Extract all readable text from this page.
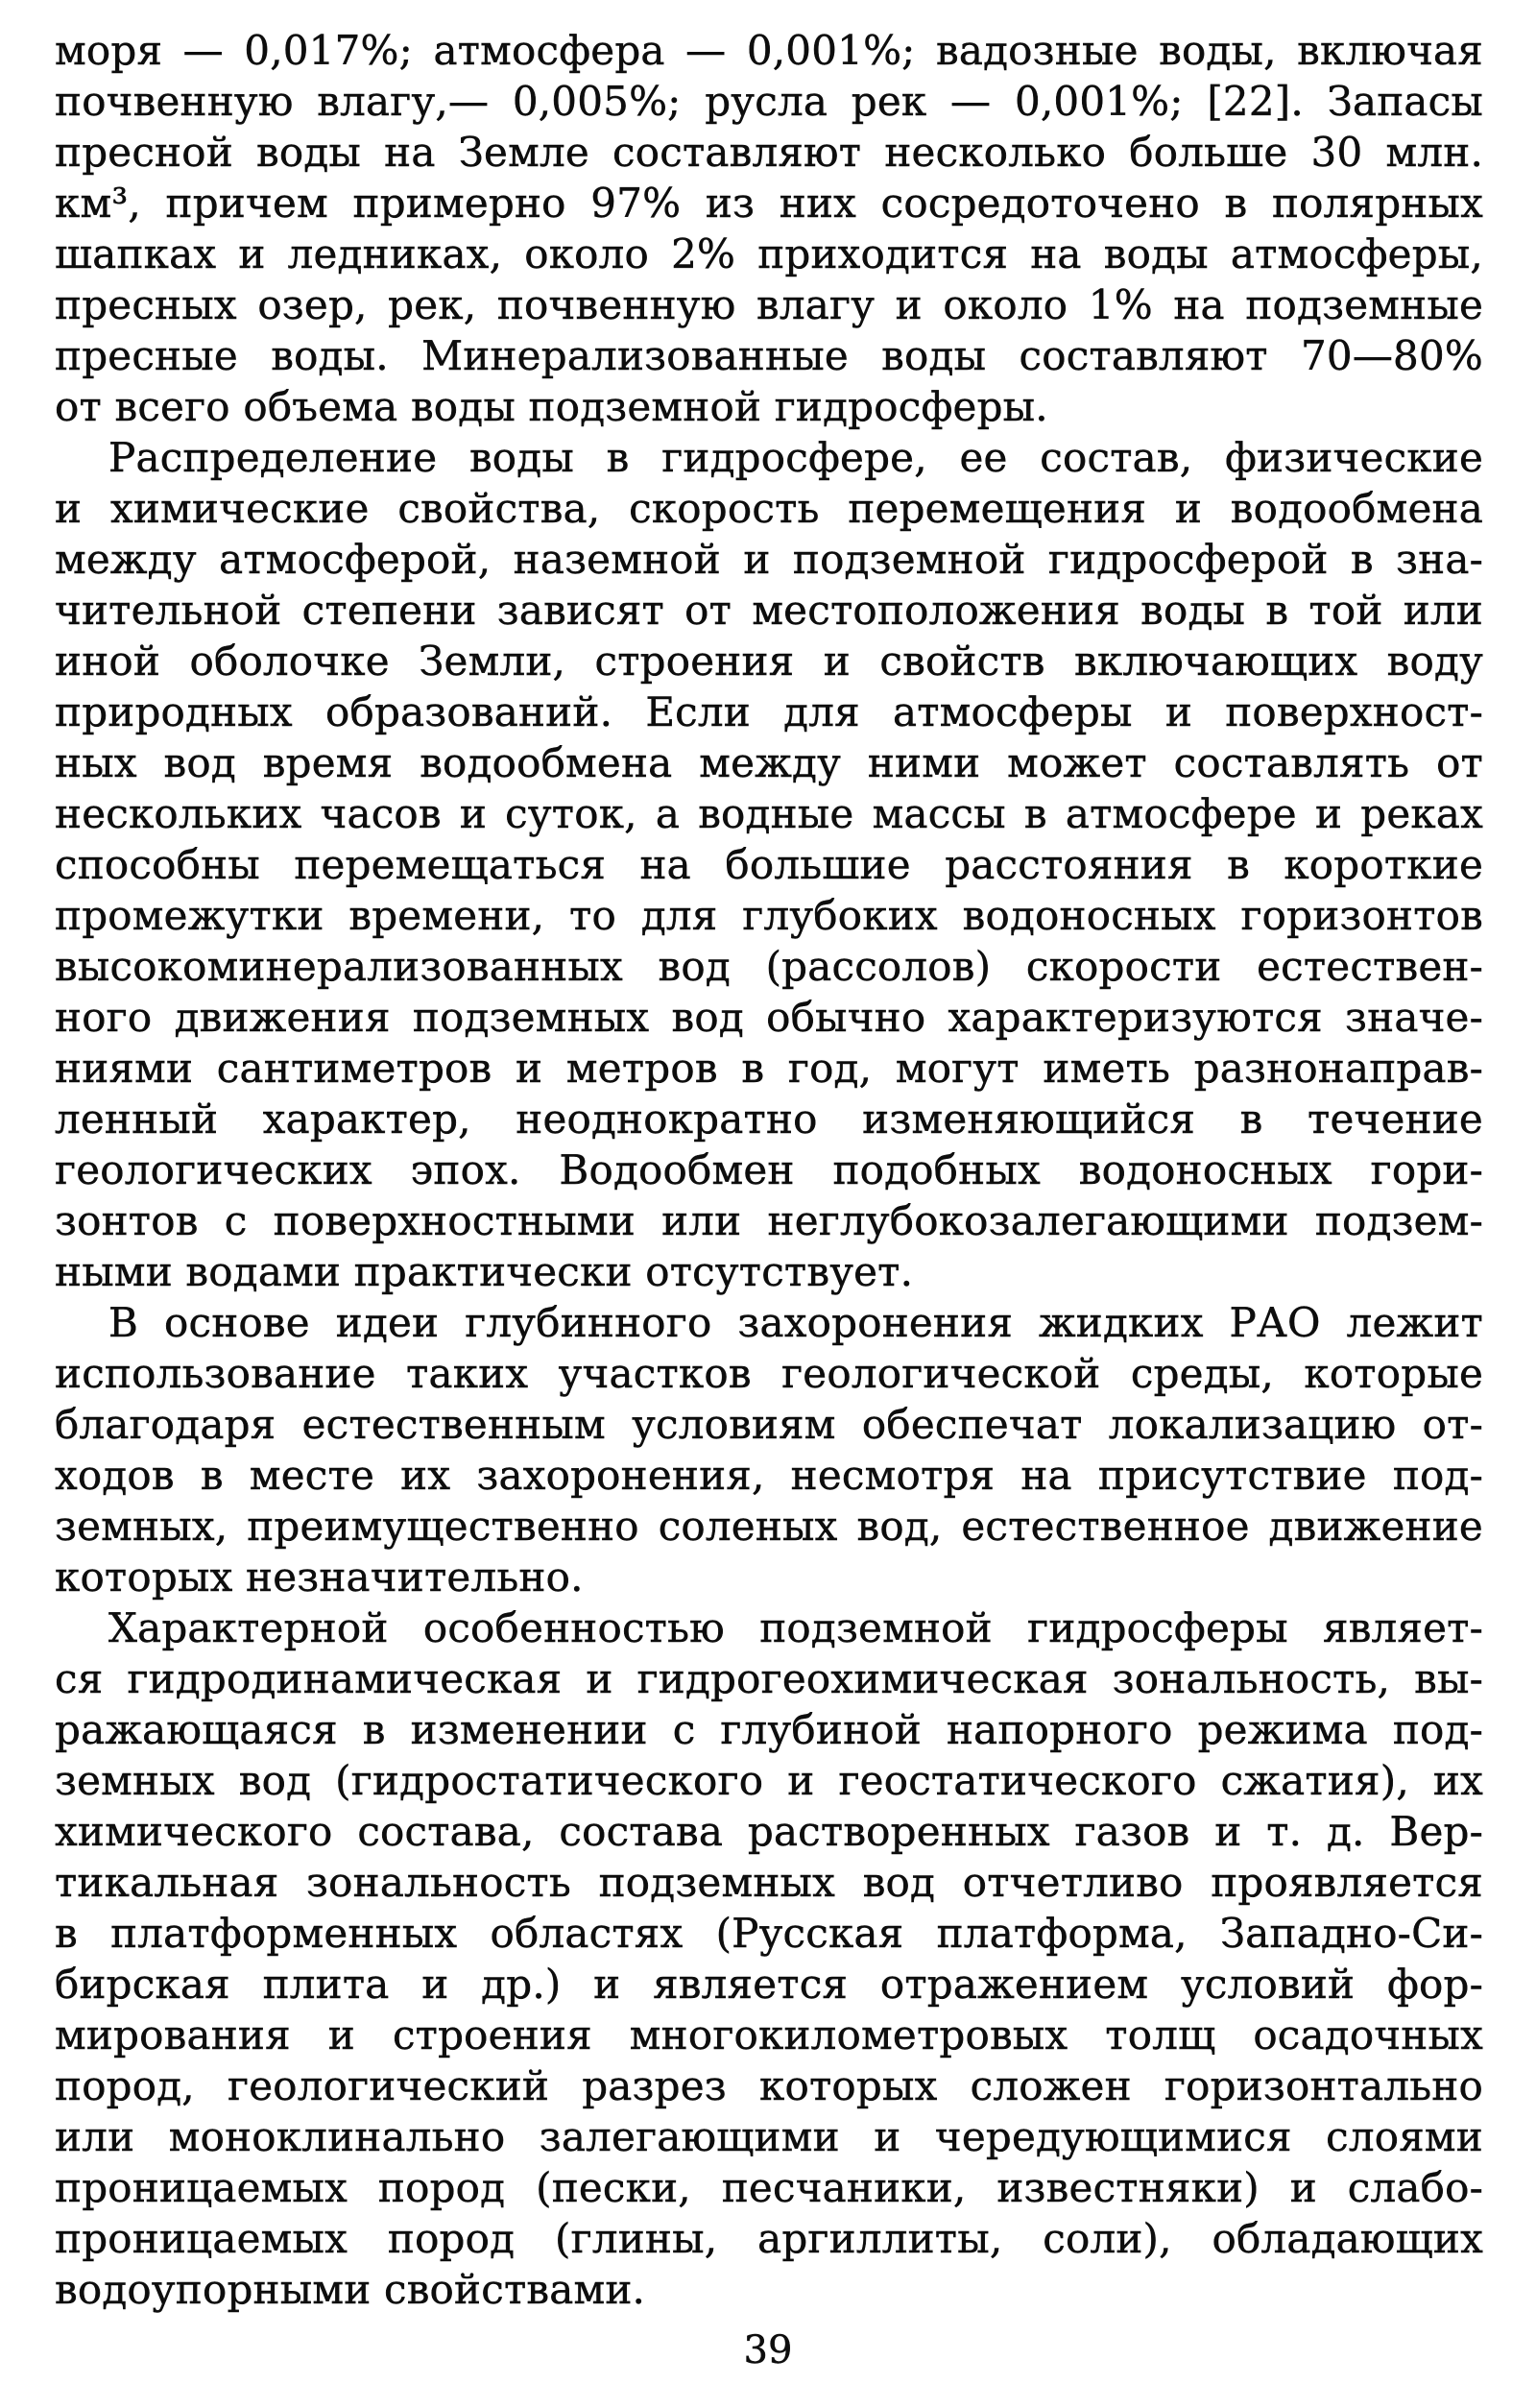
моря — 0,017%; атмосфера — 0,001%; вадозные воды, включая
почвенную влагу,— 0,005%; русла рек — 0,001%; [22]. Запасы
пресной воды на Земле составляют несколько больше 30 млн.
км³, причем примерно 97% из них сосредоточено в полярных
шапках и ледниках, около 2% приходится на воды атмосферы,
пресных озер, рек, почвенную влагу и около 1% на подземные
пресные воды. Минерализованные воды составляют 70—80%
от всего объема воды подземной гидросферы.
Распределение воды в гидросфере, ее состав, физические
и химические свойства, скорость перемещения и водообмена
между атмосферой, наземной и подземной гидросферой в зна-
чительной степени зависят от местоположения воды в той или
иной оболочке Земли, строения и свойств включающих воду
природных образований. Если для атмосферы и поверхност-
ных вод время водообмена между ними может составлять от
нескольких часов и суток, а водные массы в атмосфере и реках
способны перемещаться на большие расстояния в короткие
промежутки времени, то для глубоких водоносных горизонтов
высокоминерализованных вод (рассолов) скорости естествен-
ного движения подземных вод обычно характеризуются значе-
ниями сантиметров и метров в год, могут иметь разнонаправ-
ленный характер, неоднократно изменяющийся в течение
геологических эпох. Водообмен подобных водоносных гори-
зонтов с поверхностными или неглубокозалегающими подзем-
ными водами практически отсутствует.
В основе идеи глубинного захоронения жидких РАО лежит
использование таких участков геологической среды, которые
благодаря естественным условиям обеспечат локализацию от-
ходов в месте их захоронения, несмотря на присутствие под-
земных, преимущественно соленых вод, естественное движение
которых незначительно.
Характерной особенностью подземной гидросферы являет-
ся гидродинамическая и гидрогеохимическая зональность, вы-
ражающаяся в изменении с глубиной напорного режима под-
земных вод (гидростатического и геостатического сжатия), их
химического состава, состава растворенных газов и т. д. Вер-
тикальная зональность подземных вод отчетливо проявляется
в платформенных областях (Русская платформа, Западно-Си-
бирская плита и др.) и является отражением условий фор-
мирования и строения многокилометровых толщ осадочных
пород, геологический разрез которых сложен горизонтально
или моноклинально залегающими и чередующимися слоями
проницаемых пород (пески, песчаники, известняки) и слабо-
проницаемых пород (глины, аргиллиты, соли), обладающих
водоупорными свойствами.
39
